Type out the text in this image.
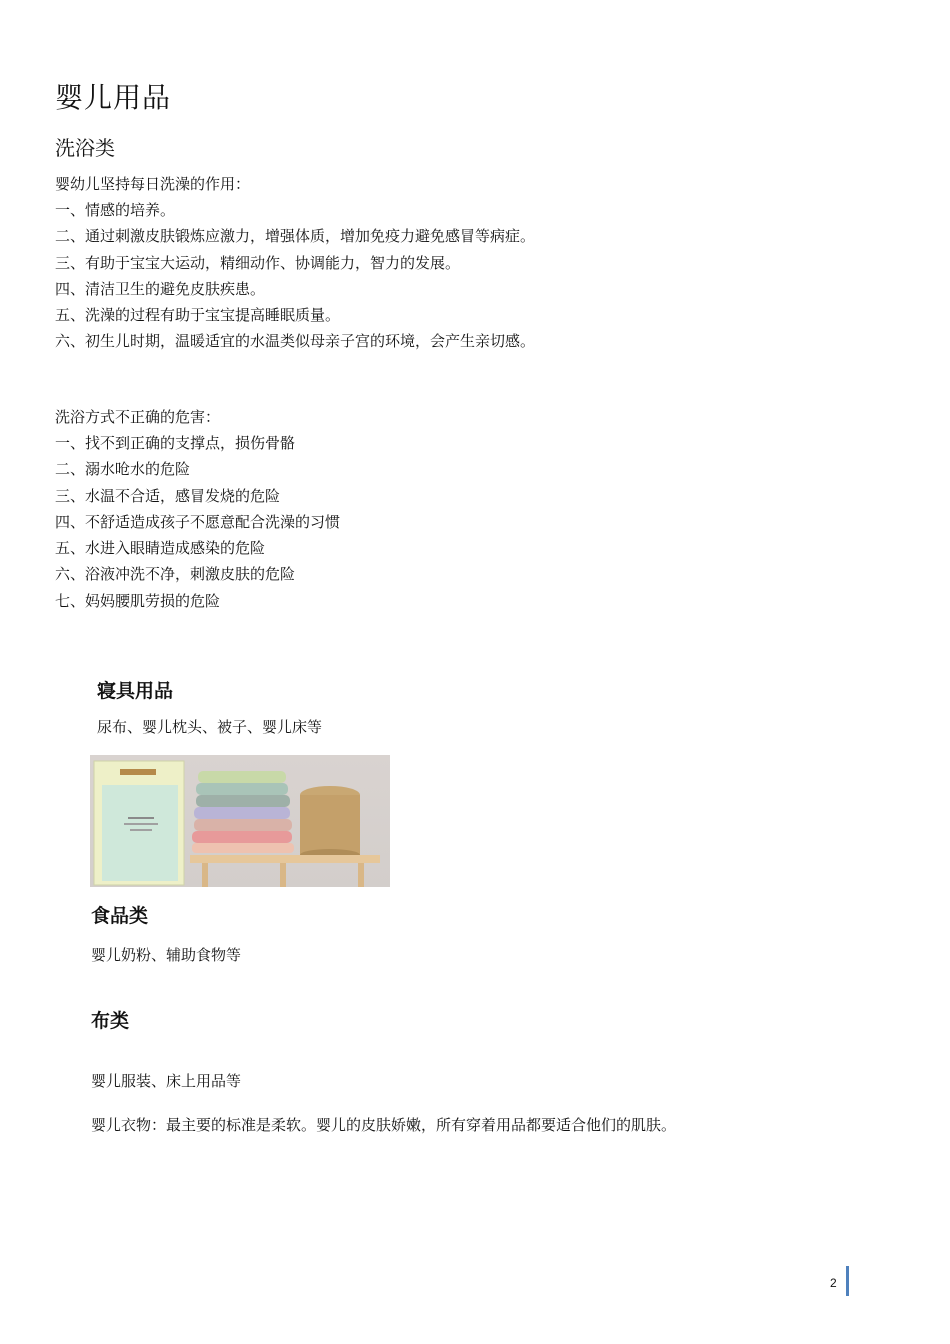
婴儿用品
洗浴类
婴幼儿坚持每日洗澡的作用：
一、情感的培养。
二、通过刺激皮肤锻炼应激力，增强体质，增加免疫力避免感冒等病症。
三、有助于宝宝大运动，精细动作、协调能力，智力的发展。
四、清洁卫生的避免皮肤疾患。
五、洗澡的过程有助于宝宝提高睡眠质量。
六、初生儿时期，温暖适宜的水温类似母亲子宫的环境，会产生亲切感。
洗浴方式不正确的危害：
一、找不到正确的支撑点，损伤骨骼
二、溺水呛水的危险
三、水温不合适，感冒发烧的危险
四、不舒适造成孩子不愿意配合洗澡的习惯
五、水进入眼睛造成感染的危险
六、浴液冲洗不净，刺激皮肤的危险
七、妈妈腰肌劳损的危险
寝具用品
尿布、婴儿枕头、被子、婴儿床等
食品类
婴儿奶粉、辅助食物等
布类
婴儿服装、床上用品等
婴儿衣物：最主要的标准是柔软。婴儿的皮肤娇嫩，所有穿着用品都要适合他们的肌肤。
2
